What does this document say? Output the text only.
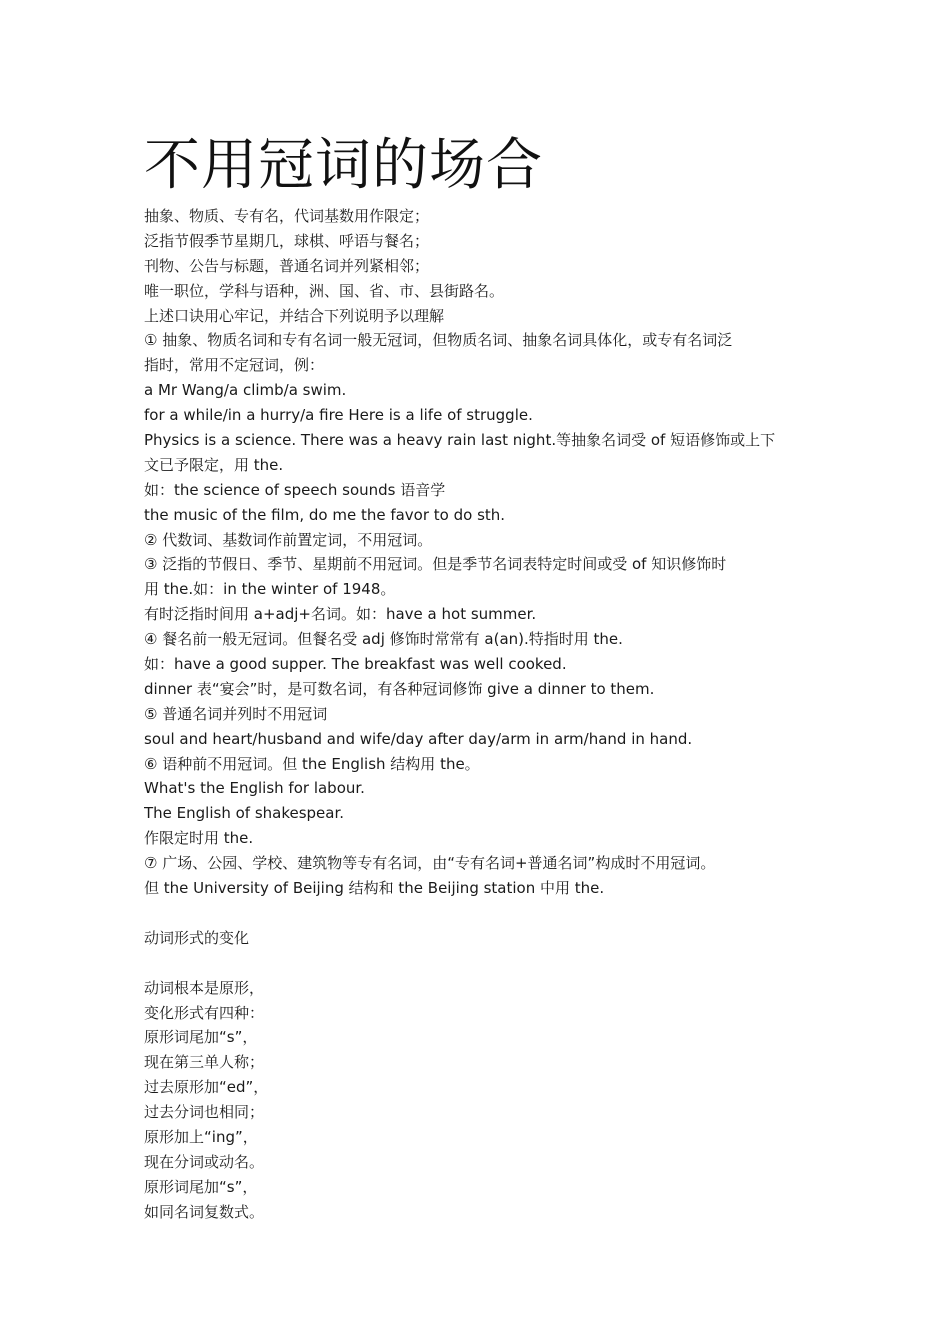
不用冠词的场合
抽象、物质、专有名，代词基数用作限定；
泛指节假季节星期几，球棋、呼语与餐名；
刊物、公告与标题，普通名词并列紧相邻；
唯一职位，学科与语种，洲、国、省、市、县街路名。
上述口诀用心牢记，并结合下列说明予以理解
① 抽象、物质名词和专有名词一般无冠词，但物质名词、抽象名词具体化，或专有名词泛
指时，常用不定冠词，例：
a Mr Wang/a climb/a swim.
for a while/in a hurry/a fire Here is a life of struggle.
Physics is a science. There was a heavy rain last night.等抽象名词受 of 短语修饰或上下
文已予限定，用 the.
如：the science of speech sounds 语音学
the music of the film, do me the favor to do sth.
② 代数词、基数词作前置定词，不用冠词。
③ 泛指的节假日、季节、星期前不用冠词。但是季节名词表特定时间或受 of 知识修饰时
用 the.如：in the winter of 1948。
有时泛指时间用 a+adj+名词。如：have a hot summer.
④ 餐名前一般无冠词。但餐名受 adj 修饰时常常有 a(an).特指时用 the.
如：have a good supper. The breakfast was well cooked.
dinner 表“宴会”时，是可数名词，有各种冠词修饰 give a dinner to them.
⑤ 普通名词并列时不用冠词
soul and heart/husband and wife/day after day/arm in arm/hand in hand.
⑥ 语种前不用冠词。但 the English 结构用 the。
What's the English for labour.
The English of shakespear.
作限定时用 the.
⑦ 广场、公园、学校、建筑物等专有名词，由“专有名词+普通名词”构成时不用冠词。
但 the University of Beijing 结构和 the Beijing station 中用 the.
动词形式的变化
动词根本是原形，
变化形式有四种：
原形词尾加“s”，
现在第三单人称；
过去原形加“ed”，
过去分词也相同；
原形加上“ing”，
现在分词或动名。
原形词尾加“s”，
如同名词复数式。
